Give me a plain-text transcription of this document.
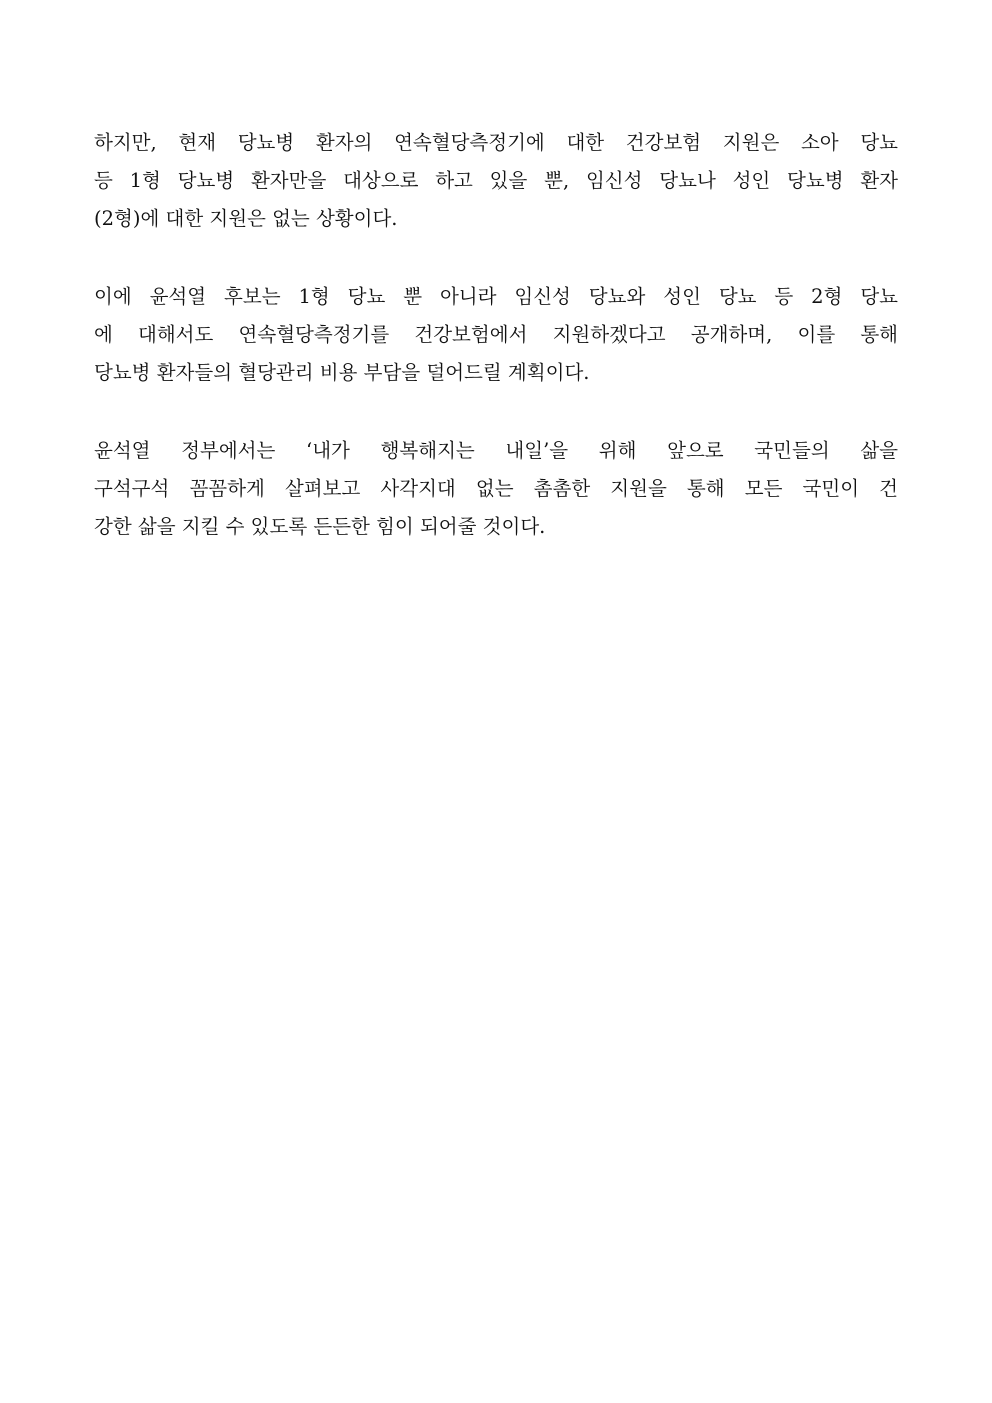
하지만, 현재 당뇨병 환자의 연속혈당측정기에 대한 건강보험 지원은 소아 당뇨
등 1형 당뇨병 환자만을 대상으로 하고 있을 뿐, 임신성 당뇨나 성인 당뇨병 환자
(2형)에 대한 지원은 없는 상황이다.

이에 윤석열 후보는 1형 당뇨 뿐 아니라 임신성 당뇨와 성인 당뇨 등 2형 당뇨
에 대해서도 연속혈당측정기를 건강보험에서 지원하겠다고 공개하며, 이를 통해
당뇨병 환자들의 혈당관리 비용 부담을 덜어드릴 계획이다.

윤석열 정부에서는 ‘내가 행복해지는 내일’을 위해 앞으로 국민들의 삶을
구석구석 꼼꼼하게 살펴보고 사각지대 없는 촘촘한 지원을 통해 모든 국민이 건
강한 삶을 지킬 수 있도록 든든한 힘이 되어줄 것이다.
